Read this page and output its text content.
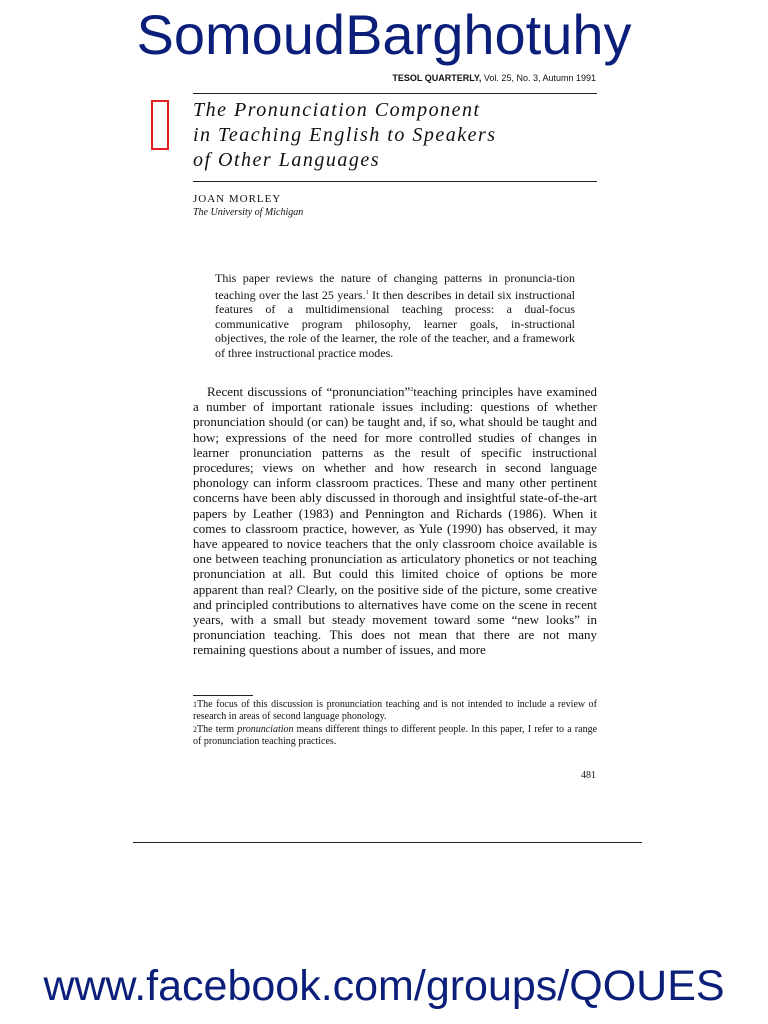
SomoudBarghotuhy
TESOL QUARTERLY, Vol. 25, No. 3, Autumn 1991
The Pronunciation Component
in Teaching English to Speakers
of Other Languages
JOAN MORLEY
The University of Michigan
This paper reviews the nature of changing patterns in pronuncia-tion teaching over the last 25 years.$^1$ It then describes in detail six instructional features of a multidimensional teaching process: a dual-focus communicative program philosophy, learner goals, in-structional objectives, the role of the learner, the role of the teacher, and a framework of three instructional practice modes.

Recent discussions of “pronunciation”$^2$teaching principles have examined a number of important rationale issues including: questions of whether pronunciation should (or can) be taught and, if so, what should be taught and how; expressions of the need for more controlled studies of changes in learner pronunciation patterns as the result of specific instructional procedures; views on whether and how research in second language phonology can inform classroom practices. These and many other pertinent concerns have been ably discussed in thorough and insightful state-of-the-art papers by Leather (1983) and Pennington and Richards (1986). When it comes to classroom practice, however, as Yule (1990) has observed, it may have appeared to novice teachers that the only classroom choice available is one between teaching pronunciation as articulatory phonetics or not teaching pronunciation at all. But could this limited choice of options be more apparent than real? Clearly, on the positive side of the picture, some creative and principled contributions to alternatives have come on the scene in recent years, with a small but steady movement toward some “new looks” in pronunciation teaching. This does not mean that there are not many remaining questions about a number of issues, and more

1The focus of this discussion is pronunciation teaching and is not intended to include a review of research in areas of second language phonology.
2The term pronunciation means different things to different people. In this paper, I refer to a range of pronunciation teaching practices.
481
www.facebook.com/groups/QOUES
